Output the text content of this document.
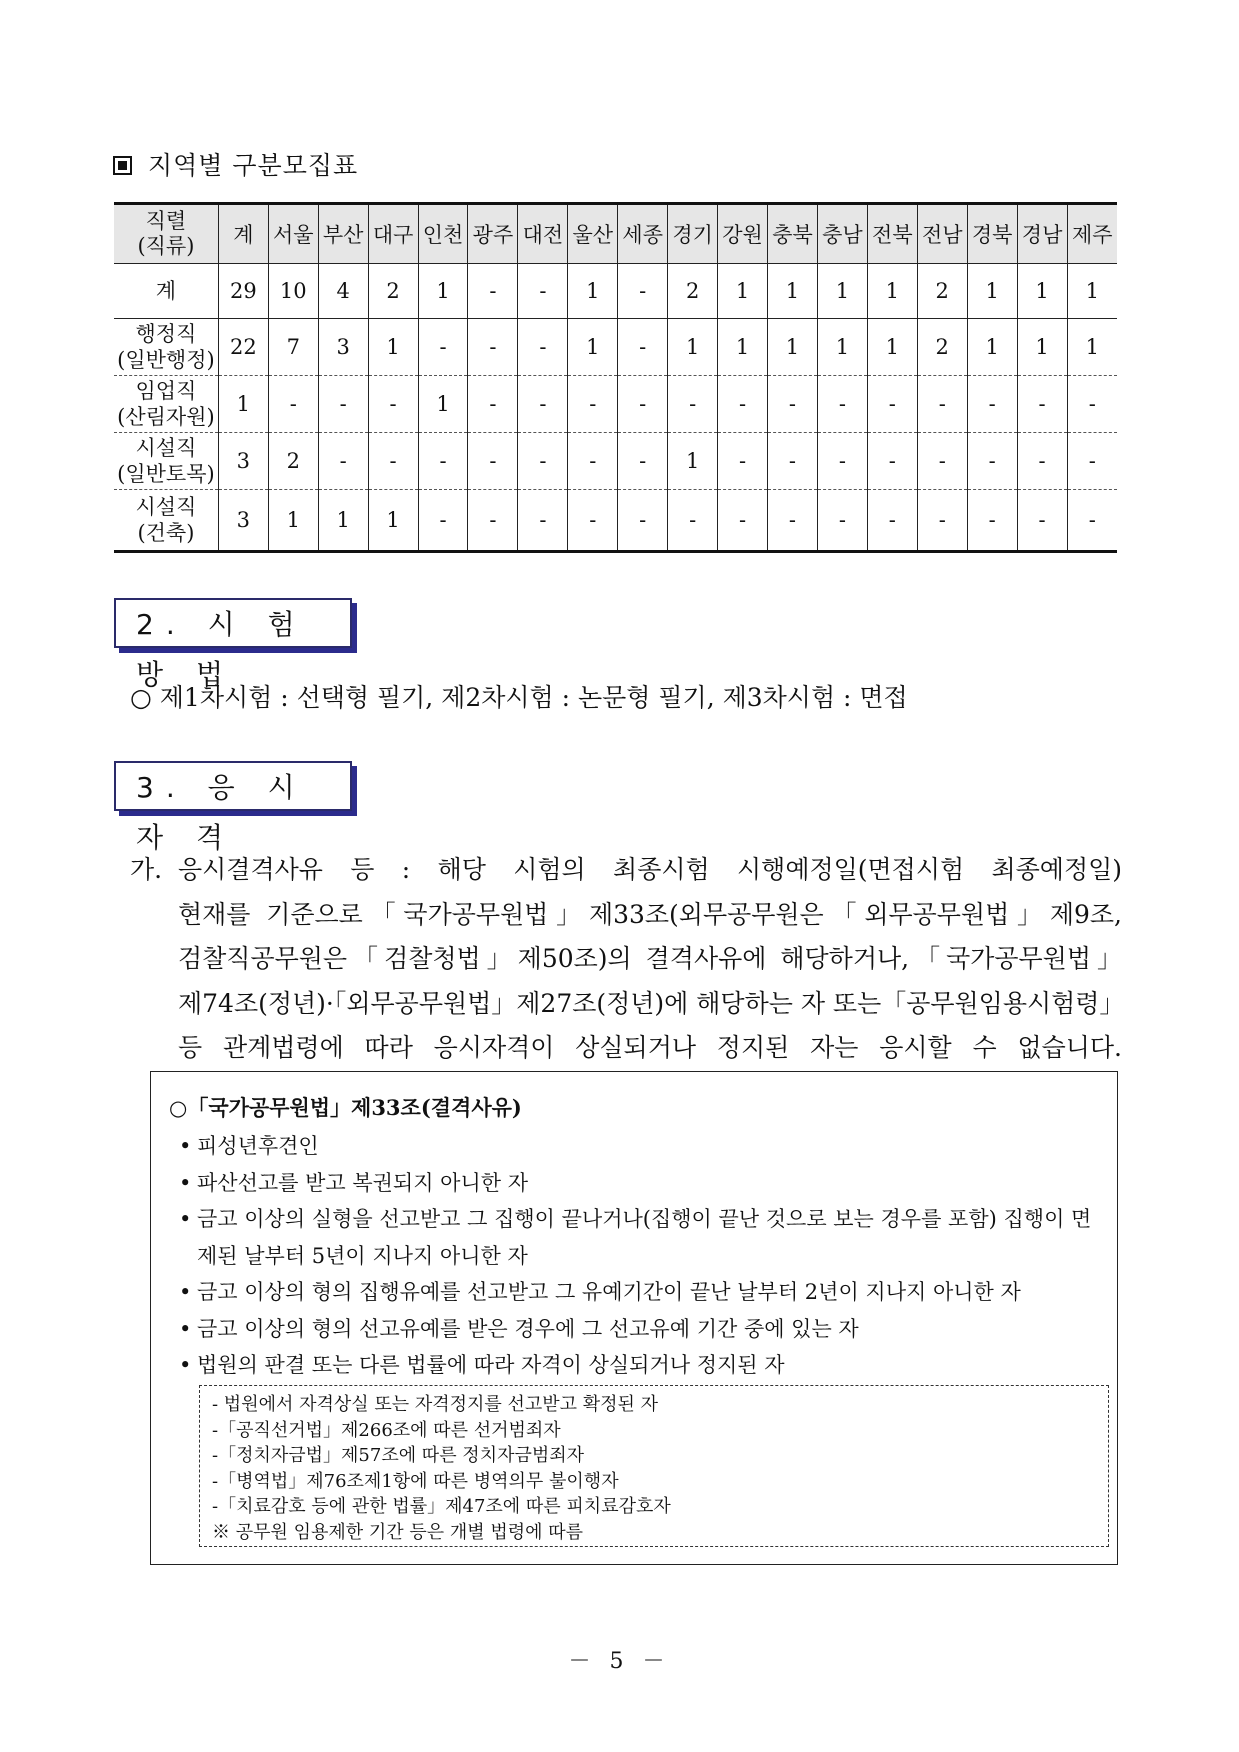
지역별 구분모집표
직렬
(직류)	계	서울	부산	대구	인천	광주	대전	울산	세종	경기	강원	충북	충남	전북	전남	경북	경남	제주
계	29	10	4	2	1	-	-	1	-	2	1	1	1	1	2	1	1	1
행정직
(일반행정)	22	7	3	1	-	-	-	1	-	1	1	1	1	1	2	1	1	1
임업직
(산림자원)	1	-	-	-	1	-	-	-	-	-	-	-	-	-	-	-	-	-
시설직
(일반토목)	3	2	-	-	-	-	-	-	-	1	-	-	-	-	-	-	-	-
시설직
(건축)	3	1	1	1	-	-	-	-	-	-	-	-	-	-	-	-	-	-
2. 시 험 방 법
○ 제1차시험 : 선택형 필기, 제2차시험 : 논문형 필기, 제3차시험 : 면접
3. 응 시 자 격
가. 응시결격사유 등 : 해당 시험의 최종시험 시행예정일(면접시험 최종예정일)
현재를 기준으로「국가공무원법」제33조(외무공무원은「외무공무원법」제9조,
검찰직공무원은「검찰청법」제50조)의 결격사유에 해당하거나,「국가공무원법」
제74조(정년)·「외무공무원법」제27조(정년)에 해당하는 자 또는「공무원임용시험령」
등 관계법령에 따라 응시자격이 상실되거나 정지된 자는 응시할 수 없습니다.
○「국가공무원법」제33조(결격사유)
• 피성년후견인
• 파산선고를 받고 복권되지 아니한 자
• 금고 이상의 실형을 선고받고 그 집행이 끝나거나(집행이 끝난 것으로 보는 경우를 포함) 집행이 면제된 날부터 5년이 지나지 아니한 자
• 금고 이상의 형의 집행유예를 선고받고 그 유예기간이 끝난 날부터 2년이 지나지 아니한 자
• 금고 이상의 형의 선고유예를 받은 경우에 그 선고유예 기간 중에 있는 자
• 법원의 판결 또는 다른 법률에 따라 자격이 상실되거나 정지된 자
- 법원에서 자격상실 또는 자격정지를 선고받고 확정된 자
-「공직선거법」제266조에 따른 선거범죄자
-「정치자금법」제57조에 따른 정치자금범죄자
-「병역법」제76조제1항에 따른 병역의무 불이행자
-「치료감호 등에 관한 법률」제47조에 따른 피치료감호자
※ 공무원 임용제한 기간 등은 개별 법령에 따름
－ 5 －
